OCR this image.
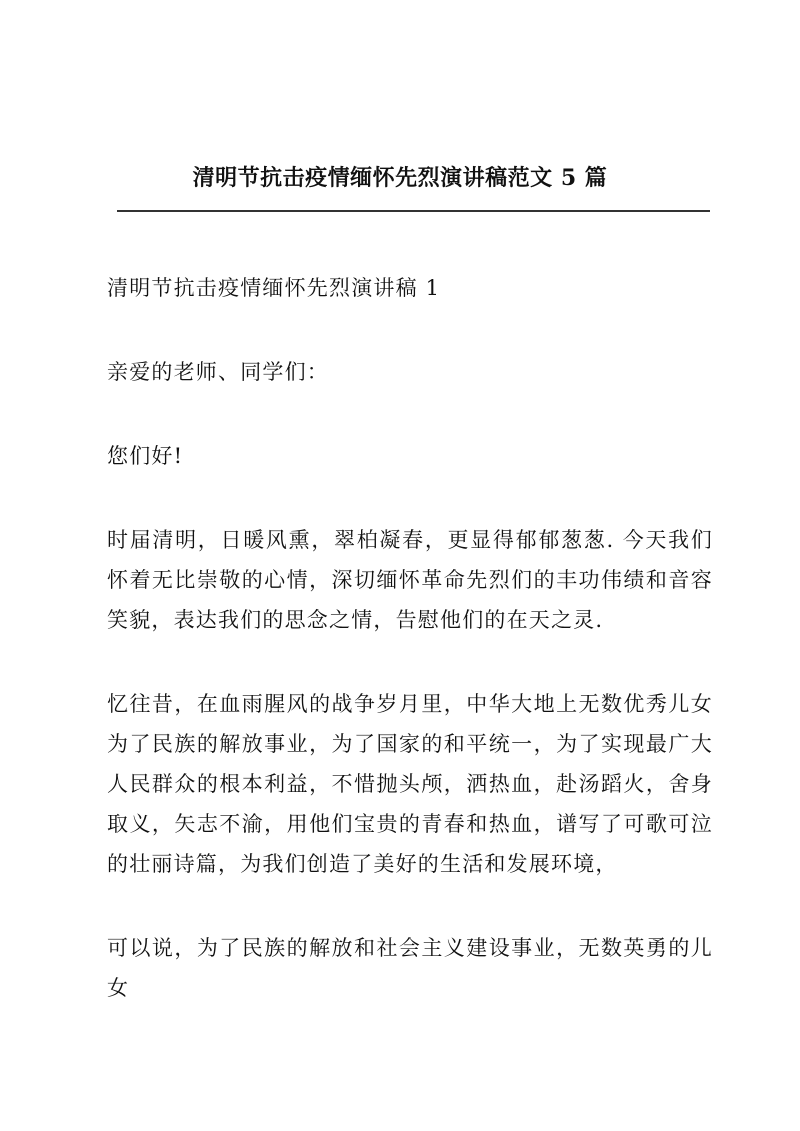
清明节抗击疫情缅怀先烈演讲稿范文 5 篇

清明节抗击疫情缅怀先烈演讲稿 1

亲爱的老师、同学们：

您们好!

时届清明，日暖风熏，翠柏凝春，更显得郁郁葱葱. 今天我们怀着无比崇敬的心情，深切缅怀革命先烈们的丰功伟绩和音容笑貌，表达我们的思念之情，告慰他们的在天之灵.

忆往昔，在血雨腥风的战争岁月里，中华大地上无数优秀儿女为了民族的解放事业，为了国家的和平统一，为了实现最广大人民群众的根本利益，不惜抛头颅，洒热血，赴汤蹈火，舍身取义，矢志不渝，用他们宝贵的青春和热血，谱写了可歌可泣的壮丽诗篇，为我们创造了美好的生活和发展环境，

可以说，为了民族的解放和社会主义建设事业，无数英勇的儿女
